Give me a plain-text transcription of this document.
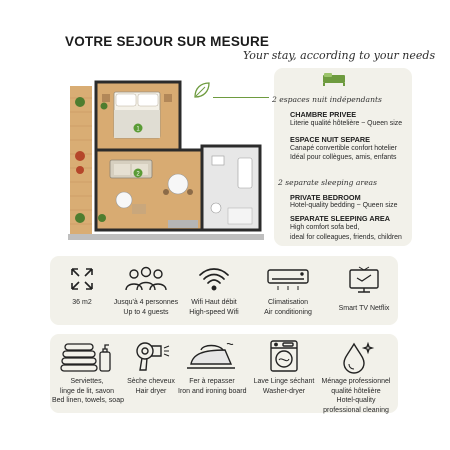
VOTRE SEJOUR SUR MESURE
Your stay, according to your needs
1
2
2 espaces nuit indépendants
CHAMBRE PRIVEE
Literie qualité hôtelière ~ Queen size
ESPACE NUIT SEPARE
Canapé convertible confort hotelier
Idéal pour collègues, amis, enfants
2 separate sleeping areas
PRIVATE BEDROOM
Hotel-quality bedding ~ Queen size
SEPARATE SLEEPING AREA
High comfort sofa bed,
ideal for colleagues, friends, children
36 m2	Jusqu'à 4 personnes
Up to 4 guests
Wifi Haut débit
High-speed Wifi
Climatisation
Air conditioning	Smart TV Netflix
Serviettes,
linge de lit, savon
Bed linen, towels, soap
Sèche cheveux
Hair dryer
Fer à repasser
Iron and ironing board
Lave Linge séchant
Washer-dryer
Ménage professionnel
qualité hôtelière
Hotel-quality
professional cleaning
